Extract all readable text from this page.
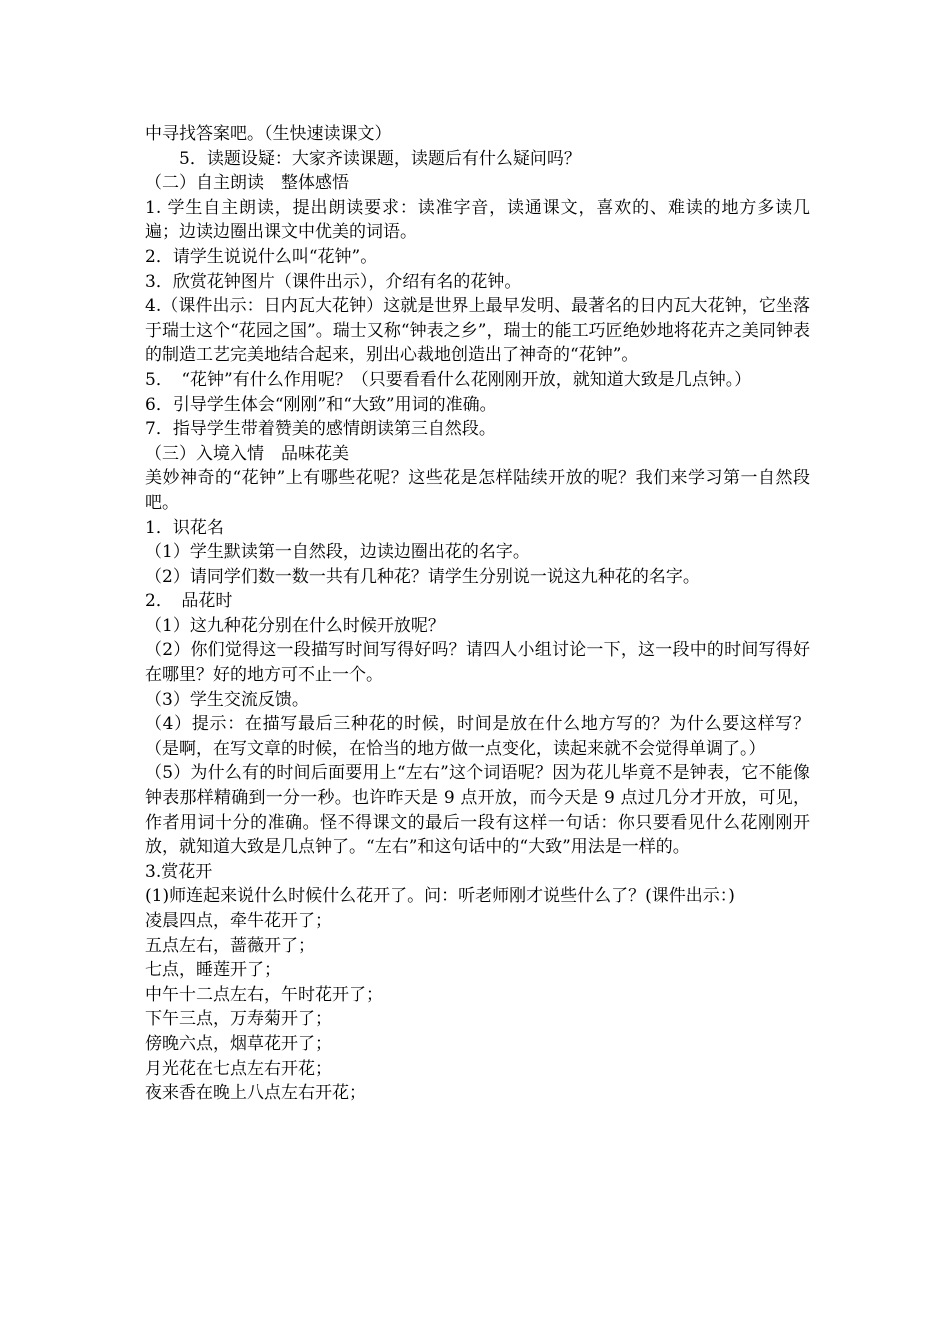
中寻找答案吧。（生快速读课文）

5．读题设疑：大家齐读课题，读题后有什么疑问吗？

（二）自主朗读　整体感悟

1. 学生自主朗读，提出朗读要求：读准字音，读通课文，喜欢的、难读的地方多读几遍；边读边圈出课文中优美的词语。

2．请学生说说什么叫“花钟”。

3．欣赏花钟图片（课件出示），介绍有名的花钟。

4.（课件出示：日内瓦大花钟）这就是世界上最早发明、最著名的日内瓦大花钟，它坐落于瑞士这个“花园之国”。瑞士又称“钟表之乡”，瑞士的能工巧匠绝妙地将花卉之美同钟表的制造工艺完美地结合起来，别出心裁地创造出了神奇的“花钟”。

5．　“花钟”有什么作用呢？（只要看看什么花刚刚开放，就知道大致是几点钟。）

6．引导学生体会“刚刚”和“大致”用词的准确。

7．指导学生带着赞美的感情朗读第三自然段。

（三）入境入情　品味花美

美妙神奇的“花钟”上有哪些花呢？这些花是怎样陆续开放的呢？我们来学习第一自然段吧。

1．识花名

（1）学生默读第一自然段，边读边圈出花的名字。

（2）请同学们数一数一共有几种花？请学生分别说一说这九种花的名字。

2．　品花时

（1）这九种花分别在什么时候开放呢？

（2）你们觉得这一段描写时间写得好吗？请四人小组讨论一下，这一段中的时间写得好在哪里？好的地方可不止一个。

（3）学生交流反馈。

（4）提示：在描写最后三种花的时候，时间是放在什么地方写的？为什么要这样写？（是啊，在写文章的时候，在恰当的地方做一点变化，读起来就不会觉得单调了。）

（5）为什么有的时间后面要用上“左右”这个词语呢？因为花儿毕竟不是钟表，它不能像钟表那样精确到一分一秒。也许昨天是 9 点开放，而今天是 9 点过几分才开放，可见，作者用词十分的准确。怪不得课文的最后一段有这样一句话：你只要看见什么花刚刚开放，就知道大致是几点钟了。“左右”和这句话中的“大致”用法是一样的。

3.赏花开

(1)师连起来说什么时候什么花开了。问：听老师刚才说些什么了？(课件出示：)

凌晨四点，牵牛花开了；

五点左右，蔷薇开了；

七点，睡莲开了；

中午十二点左右，午时花开了；

下午三点，万寿菊开了；

傍晚六点，烟草花开了；

月光花在七点左右开花；

夜来香在晚上八点左右开花；
